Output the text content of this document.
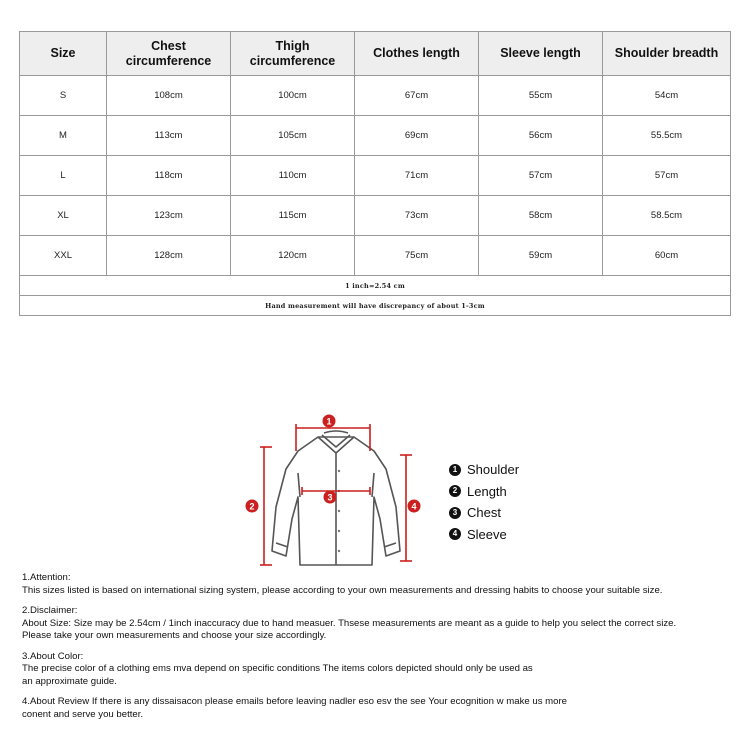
Size	Chest circumference	Thigh circumference	Clothes length	Sleeve length	Shoulder breadth
S	108cm	100cm	67cm	55cm	54cm
M	113cm	105cm	69cm	56cm	55.5cm
L	118cm	110cm	71cm	57cm	57cm
XL	123cm	115cm	73cm	58cm	58.5cm
XXL	128cm	120cm	75cm	59cm	60cm
1 inch=2.54 cm					
Hand measurement will have discrepancy of about 1-3cm					
1
2
3
4
1 Shoulder
2 Length
3 Chest
4 Sleeve

1.Attention:

This sizes listed is based on international sizing system, please according to your own measurements and dressing habits to choose your suitable size.

2.Disclaimer:

About Size: Size may be 2.54cm / 1inch inaccuracy due to hand measuer. Thsese measurements are meant as a guide to help you select the correct size.

Please take your own measurements and choose your size accordingly.

3.About Color:

The precise color of a clothing ems mva depend on specific conditions The items colors depicted should only be used as

an approximate guide.

4.About Review If there is any dissaisacon please emails before leaving nadler eso esv the see Your ecognition w make us more

conent and serve you better.
